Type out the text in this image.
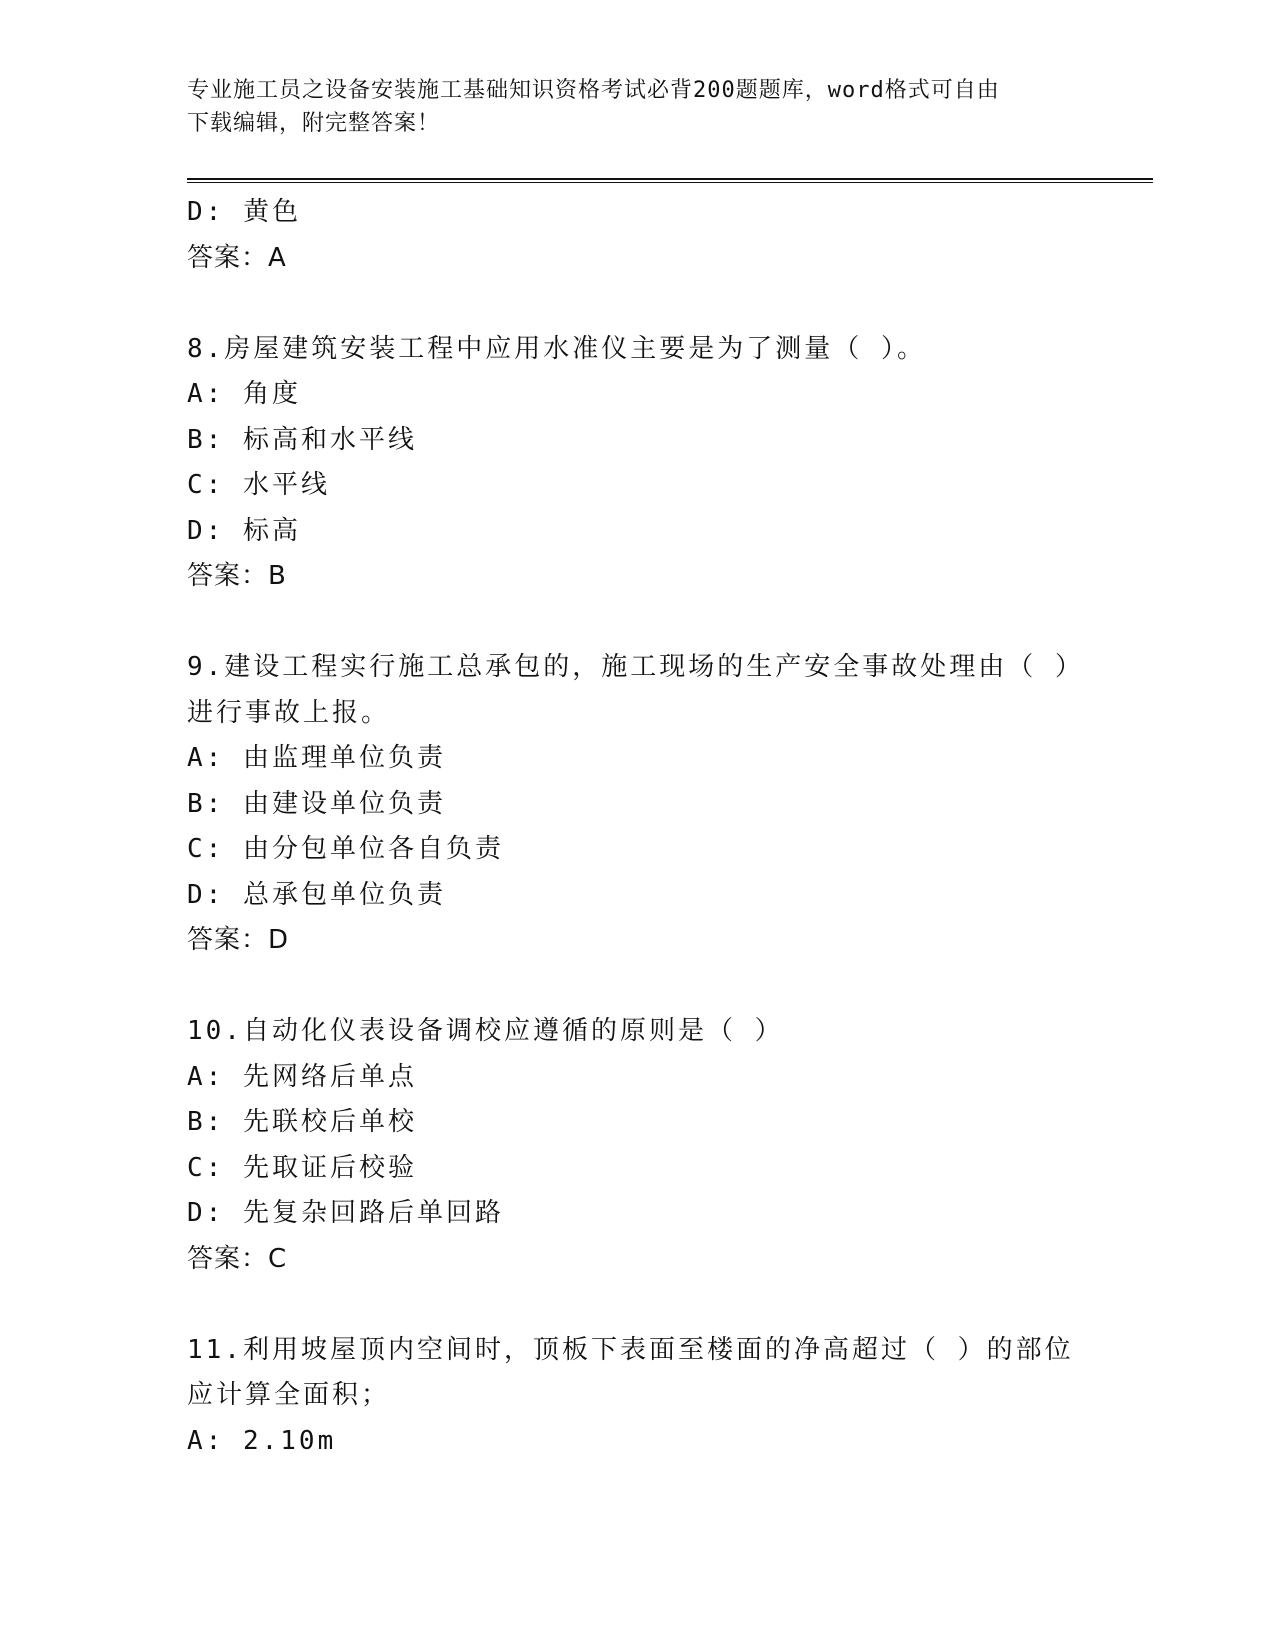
专业施工员之设备安装施工基础知识资格考试必背200题题库，word格式可自由
下载编辑，附完整答案！
D: 黄色
答案：A
8.房屋建筑安装工程中应用水准仪主要是为了测量（ ）。
A: 角度
B: 标高和水平线
C: 水平线
D: 标高
答案：B
9.建设工程实行施工总承包的，施工现场的生产安全事故处理由（ ）
进行事故上报。
A: 由监理单位负责
B: 由建设单位负责
C: 由分包单位各自负责
D: 总承包单位负责
答案：D
10.自动化仪表设备调校应遵循的原则是（ ）
A: 先网络后单点
B: 先联校后单校
C: 先取证后校验
D: 先复杂回路后单回路
答案：C
11.利用坡屋顶内空间时，顶板下表面至楼面的净高超过（ ）的部位
应计算全面积；
A: 2.10m
